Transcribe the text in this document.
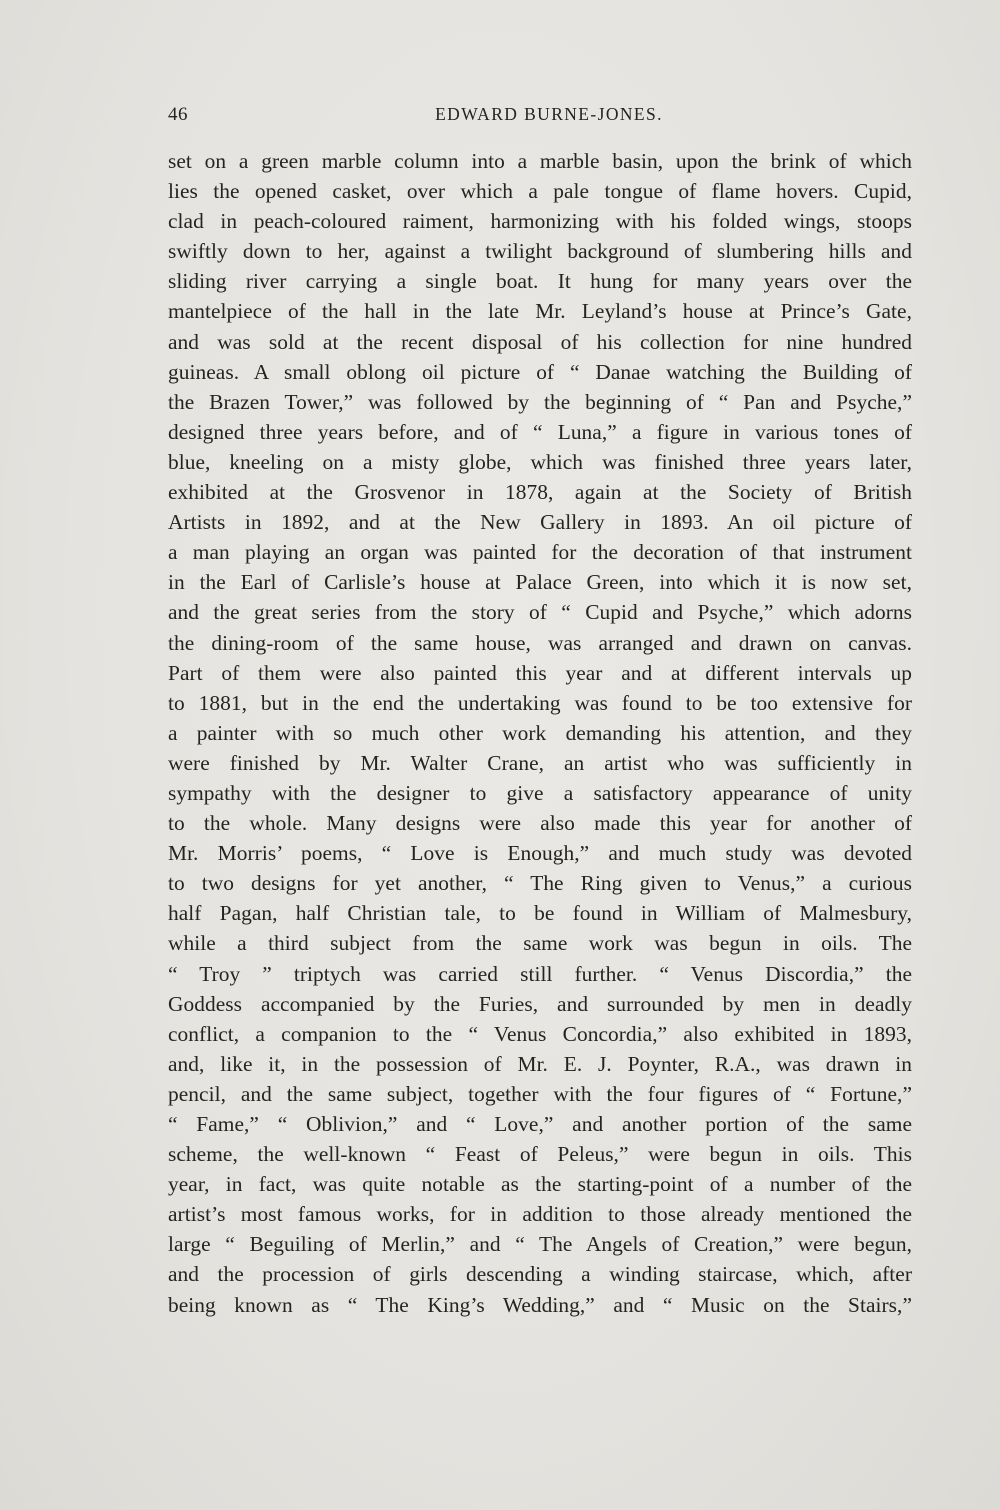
46	EDWARD BURNE-JONES.
set on a green marble column into a marble basin, upon the brink of which
lies the opened casket, over which a pale tongue of flame hovers. Cupid,
clad in peach-coloured raiment, harmonizing with his folded wings, stoops
swiftly down to her, against a twilight background of slumbering hills and
sliding river carrying a single boat. It hung for many years over the
mantelpiece of the hall in the late Mr. Leyland’s house at Prince’s Gate,
and was sold at the recent disposal of his collection for nine hundred
guineas. A small oblong oil picture of “ Danae watching the Building of
the Brazen Tower,” was followed by the beginning of “ Pan and Psyche,”
designed three years before, and of “ Luna,” a figure in various tones of
blue, kneeling on a misty globe, which was finished three years later,
exhibited at the Grosvenor in 1878, again at the Society of British
Artists in 1892, and at the New Gallery in 1893. An oil picture of
a man playing an organ was painted for the decoration of that instrument
in the Earl of Carlisle’s house at Palace Green, into which it is now set,
and the great series from the story of “ Cupid and Psyche,” which adorns
the dining-room of the same house, was arranged and drawn on canvas.
Part of them were also painted this year and at different intervals up
to 1881, but in the end the undertaking was found to be too extensive for
a painter with so much other work demanding his attention, and they
were finished by Mr. Walter Crane, an artist who was sufficiently in
sympathy with the designer to give a satisfactory appearance of unity
to the whole. Many designs were also made this year for another of
Mr. Morris’ poems, “ Love is Enough,” and much study was devoted
to two designs for yet another, “ The Ring given to Venus,” a curious
half Pagan, half Christian tale, to be found in William of Malmesbury,
while a third subject from the same work was begun in oils. The
“ Troy ” triptych was carried still further. “ Venus Discordia,” the
Goddess accompanied by the Furies, and surrounded by men in deadly
conflict, a companion to the “ Venus Concordia,” also exhibited in 1893,
and, like it, in the possession of Mr. E. J. Poynter, R.A., was drawn in
pencil, and the same subject, together with the four figures of “ Fortune,”
“ Fame,” “ Oblivion,” and “ Love,” and another portion of the same
scheme, the well-known “ Feast of Peleus,” were begun in oils. This
year, in fact, was quite notable as the starting-point of a number of the
artist’s most famous works, for in addition to those already mentioned the
large “ Beguiling of Merlin,” and “ The Angels of Creation,” were begun,
and the procession of girls descending a winding staircase, which, after
being known as “ The King’s Wedding,” and “ Music on the Stairs,”
